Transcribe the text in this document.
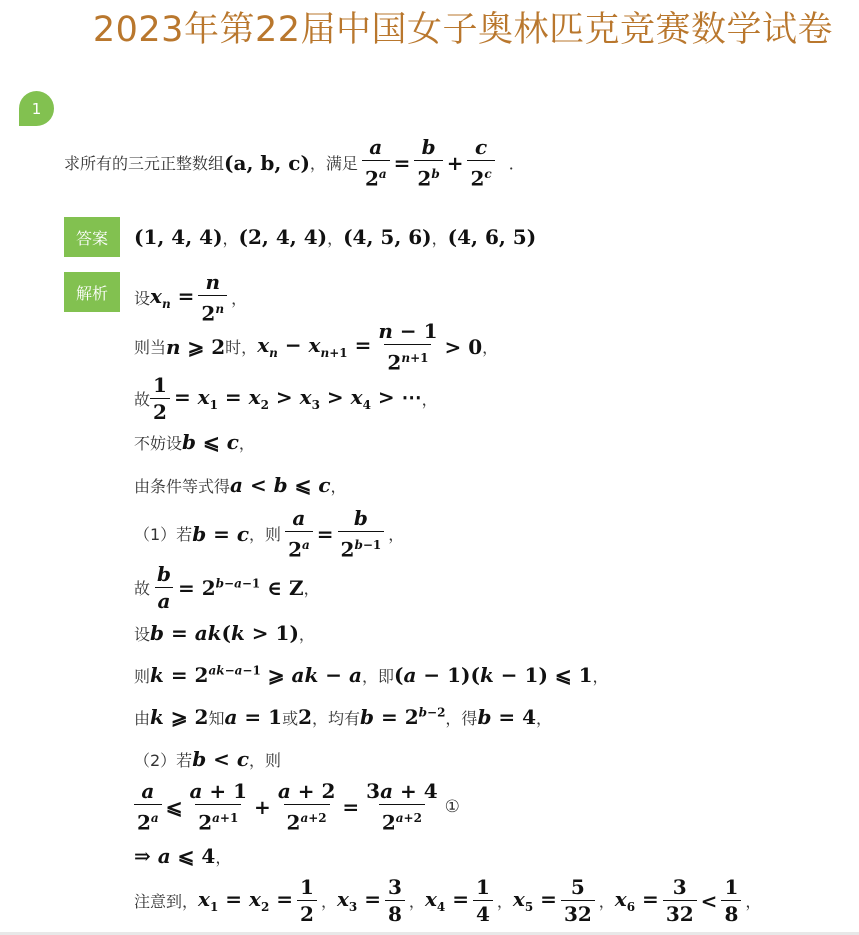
2023年第22届中国女子奥林匹克竞赛数学试卷
1
求所有的三元正整数组 (a, b, c) ，满足 $\frac{a}{2^a} = \frac{b}{2^b} + \frac{c}{2^c}$ ．
答案	(1, 4, 4) ， (2, 4, 4) ， (4, 5, 6) ， (4, 6, 5)
解析	设 $x_n = \frac{n}{2^n}$ ，
则当 n ⩾ 2 时， $x_n - x_{n+1} = \frac{n - 1}{2^{n+1}} > 0$ ，
故 $\frac{1}{2} = x_1 = x_2 > x_3 > x_4$ > ⋯ ，
不妨设 b ⩽ c ，
由条件等式得 a < b ⩽ c ，
（1）若 b = c ，则 $\frac{a}{2^a} = \frac{b}{2^{b-1}}$ ，
故 $\frac{b}{a} = 2^{b-a-1}$ ∈ Z ，
设 b = ak(k > 1) ，
则 $k = 2^{ak-a-1}$ ⩾ ak − a ，即 (a − 1)(k − 1) ⩽ 1 ，
由 k ⩾ 2 知 a = 1 或 2 ，均有 $b = 2^{b-2}$ ，得 b = 4 ，
（2）若 b < c ，则
$\frac{a}{2^a}$ ⩽ $\frac{a + 1}{2^{a+1}} + \frac{a + 2}{2^{a+2}} = \frac{3a + 4}{2^{a+2}}$ ①
⇒ a ⩽ 4 ，
注意到， $x_1 = x_2 = \frac{1}{2}$ ， $x_3 = \frac{3}{8}$ ， $x_4 = \frac{1}{4}$ ， $x_5 = \frac{5}{32}$ ， $x_6 = \frac{3}{32} < \frac{1}{8}$ ，
